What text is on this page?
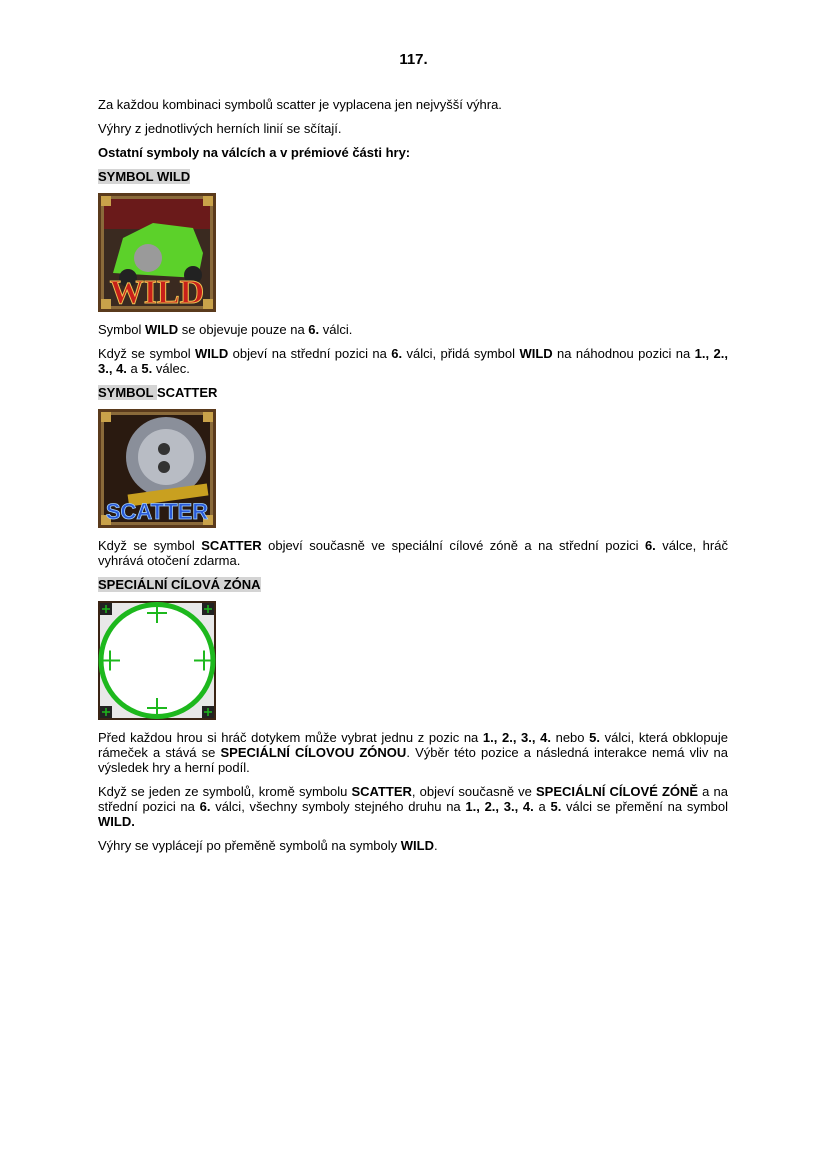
117.
Za každou kombinaci symbolů scatter je vyplacena jen nejvyšší výhra.
Výhry z jednotlivých herních linií se sčítají.
Ostatní symboly na válcích a v prémiové části hry:
SYMBOL WILD
WILD
Symbol WILD se objevuje pouze na 6. válci.
Když se symbol WILD objeví na střední pozici na 6. válci, přidá symbol WILD na náhodnou pozici na 1., 2., 3., 4. a 5. válec.
SYMBOL SCATTER
SCATTER
Když se symbol SCATTER objeví současně ve speciální cílové zóně a na střední pozici 6. válce, hráč vyhrává otočení zdarma.
SPECIÁLNÍ CÍLOVÁ ZÓNA
Před každou hrou si hráč dotykem může vybrat jednu z pozic na 1., 2., 3., 4. nebo 5. válci, která obklopuje rámeček a stává se SPECIÁLNÍ CÍLOVOU ZÓNOU. Výběr této pozice a následná interakce nemá vliv na výsledek hry a herní podíl.
Když se jeden ze symbolů, kromě symbolu SCATTER, objeví současně ve SPECIÁLNÍ CÍLOVÉ ZÓNĚ a na střední pozici na 6. válci, všechny symboly stejného druhu na 1., 2., 3., 4. a 5. válci se přemění na symbol WILD.
Výhry se vyplácejí po přeměně symbolů na symboly WILD.
